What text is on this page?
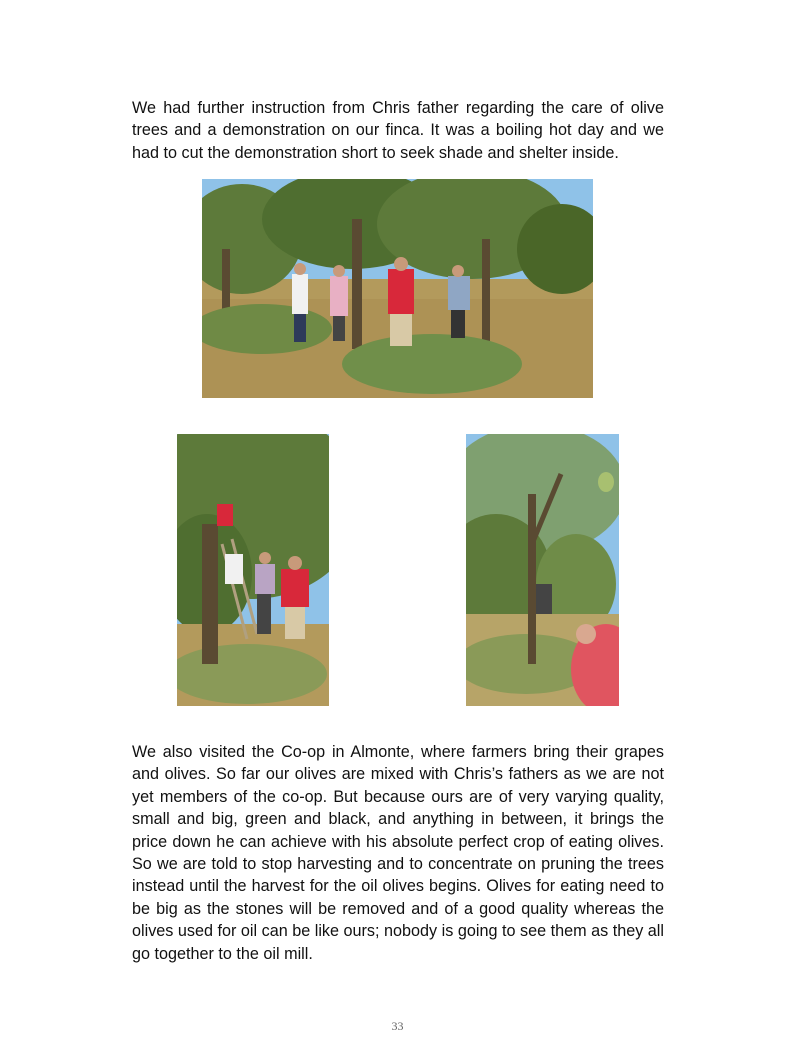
We had further instruction from Chris father regarding the care of olive trees and a demonstration on our finca. It was a boiling hot day and we had to cut the demonstration short to seek shade and shelter inside.

We also visited the Co-op in Almonte, where farmers bring their grapes and olives. So far our olives are mixed with Chris’s fathers as we are not yet members of the co-op. But because ours are of very varying quality, small and big, green and black, and anything in between, it brings the price down he can achieve with his absolute perfect crop of eating olives. So we are told to stop harvesting and to concentrate on pruning the trees instead until the harvest for the oil olives begins. Olives for eating need to be big as the stones will be removed and of a good quality whereas the olives used for oil can be like ours; nobody is going to see them as they all go together to the oil mill.

33
